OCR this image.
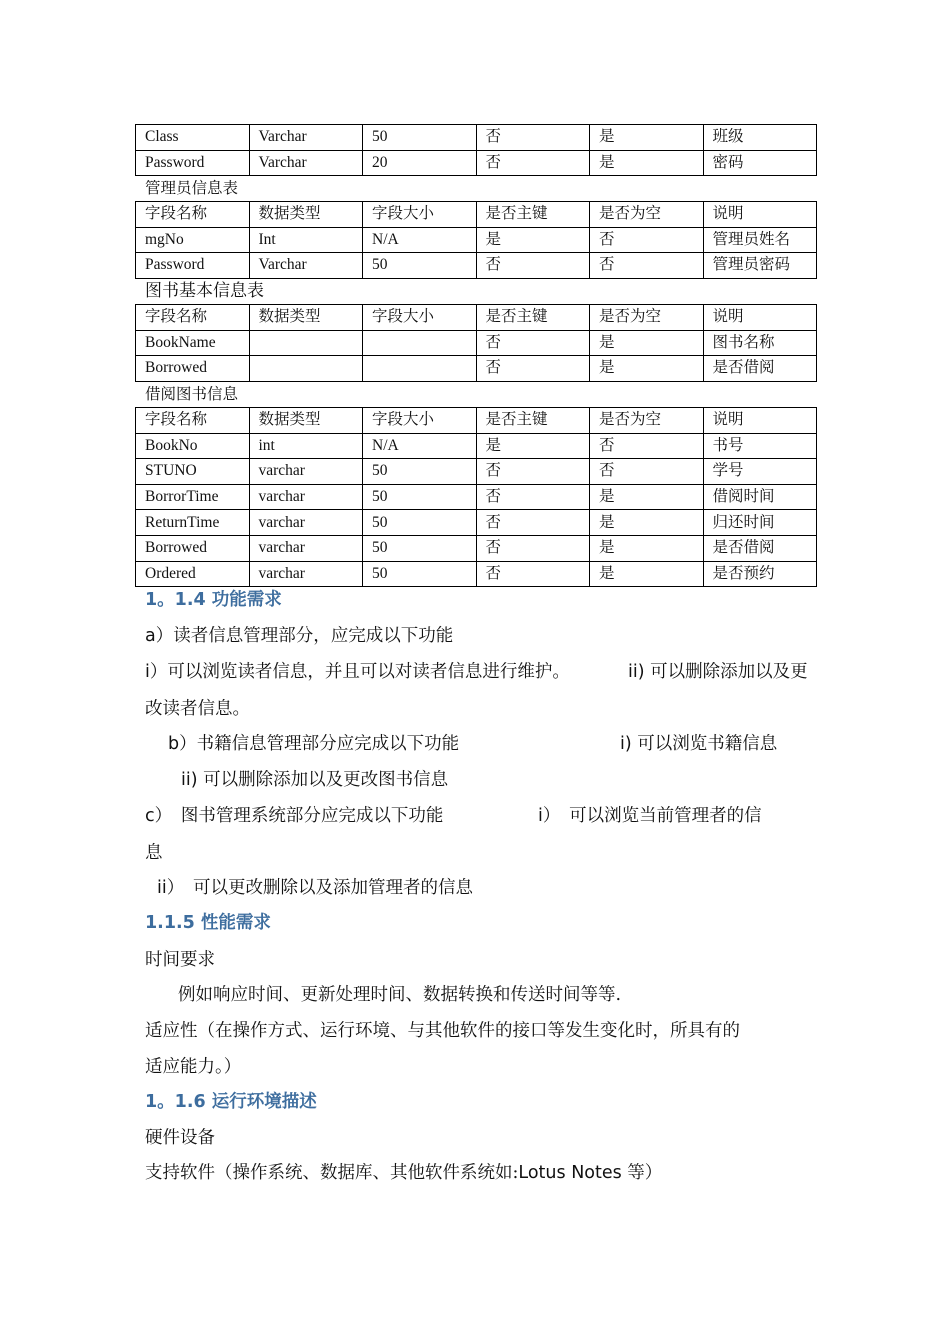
Class	Varchar	50	否	是	班级
Password	Varchar	20	否	是	密码
管理员信息表
字段名称	数据类型	字段大小	是否主键	是否为空	说明
mgNo	Int	N/A	是	否	管理员姓名
Password	Varchar	50	否	否	管理员密码
图书基本信息表
字段名称	数据类型	字段大小	是否主键	是否为空	说明
BookName			否	是	图书名称
Borrowed			否	是	是否借阅
借阅图书信息
字段名称	数据类型	字段大小	是否主键	是否为空	说明
BookNo	int	N/A	是	否	书号
STUNO	varchar	50	否	否	学号
BorrorTime	varchar	50	否	是	借阅时间
ReturnTime	varchar	50	否	是	归还时间
Borrowed	varchar	50	否	是	是否借阅
Ordered	varchar	50	否	是	是否预约
1。1.4 功能需求
a）读者信息管理部分，应完成以下功能
i）可以浏览读者信息，并且可以对读者信息进行维护。	ii) 可以删除添加以及更
改读者信息。
b）书籍信息管理部分应完成以下功能	i) 可以浏览书籍信息
ii) 可以删除添加以及更改图书信息
c）　图书管理系统部分应完成以下功能	i）　可以浏览当前管理者的信
息
ii）　可以更改删除以及添加管理者的信息
1.1.5 性能需求
时间要求
例如响应时间、更新处理时间、数据转换和传送时间等等.
适应性（在操作方式、运行环境、与其他软件的接口等发生变化时，所具有的
适应能力。）
1。1.6 运行环境描述
硬件设备
支持软件（操作系统、数据库、其他软件系统如:Lotus Notes 等）
